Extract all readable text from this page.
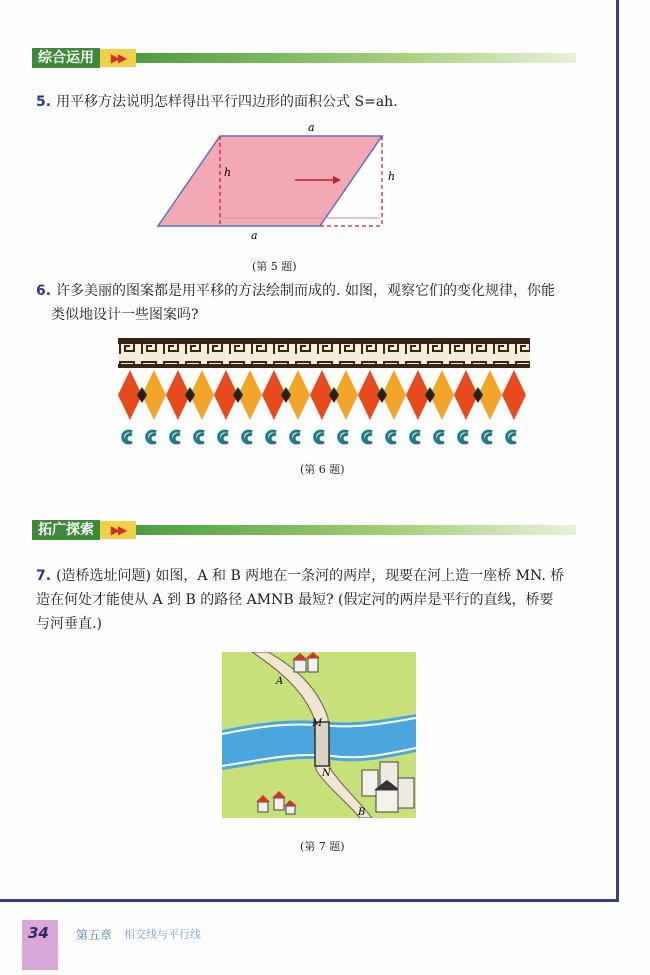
综合运用	▶▶
5. 用平移方法说明怎样得出平行四边形的面积公式 S=ah.
a
h	h
a
(第 5 题)
6. 许多美丽的图案都是用平移的方法绘制而成的. 如图，观察它们的变化规律，你能
类似地设计一些图案吗?
(第 6 题)
拓广探索	▶▶
7. (造桥选址问题) 如图，A 和 B 两地在一条河的两岸，现要在河上造一座桥 MN. 桥
造在何处才能使从 A 到 B 的路径 AMNB 最短? (假定河的两岸是平行的直线，桥要
与河垂直.)
A
M
N
B
(第 7 题)
34 第五章 相交线与平行线
